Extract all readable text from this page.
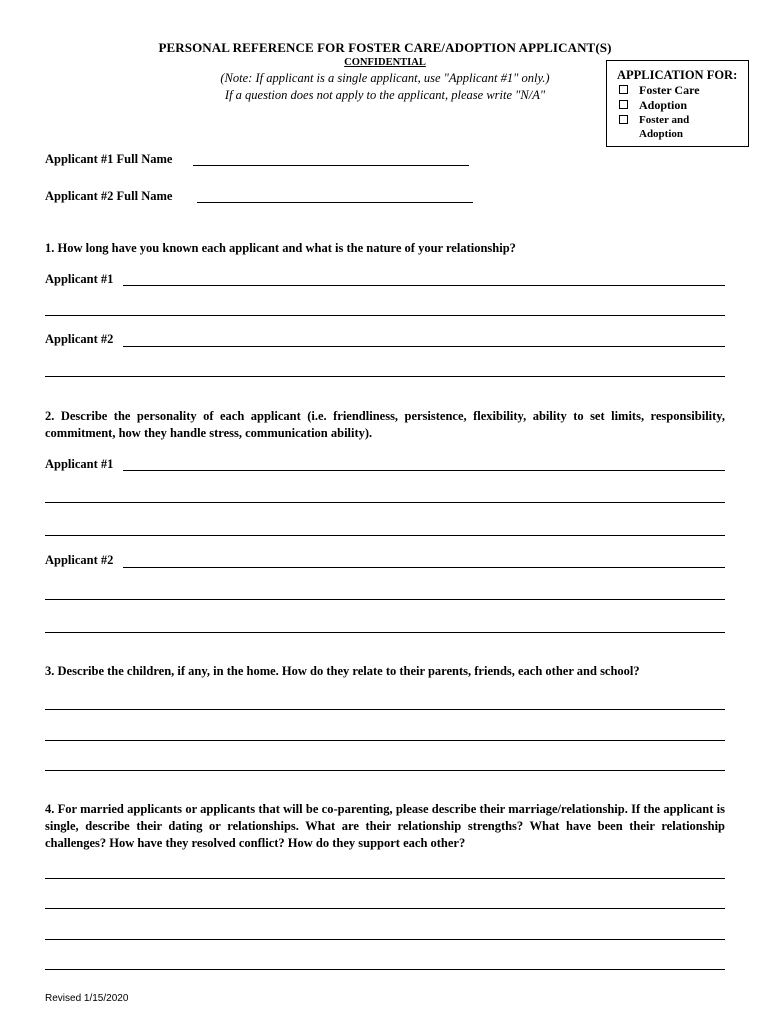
PERSONAL REFERENCE FOR FOSTER CARE/ADOPTION APPLICANT(S)
CONFIDENTIAL
(Note: If applicant is a single applicant, use "Applicant #1" only.)
If a question does not apply to the applicant, please write "N/A"
APPLICATION FOR:
Foster Care
Adoption
Foster and
Adoption
Applicant #1 Full Name
Applicant #2 Full Name
1. How long have you known each applicant and what is the nature of your relationship?
Applicant #1
Applicant #2
2. Describe the personality of each applicant (i.e. friendliness, persistence, flexibility, ability to set limits, responsibility, commitment, how they handle stress, communication ability).
Applicant #1
Applicant #2
3. Describe the children, if any, in the home. How do they relate to their parents, friends, each other and school?
4. For married applicants or applicants that will be co-parenting, please describe their marriage/relationship. If the applicant is single, describe their dating or relationships. What are their relationship strengths? What have been their relationship challenges? How have they resolved conflict? How do they support each other?
Revised 1/15/2020
